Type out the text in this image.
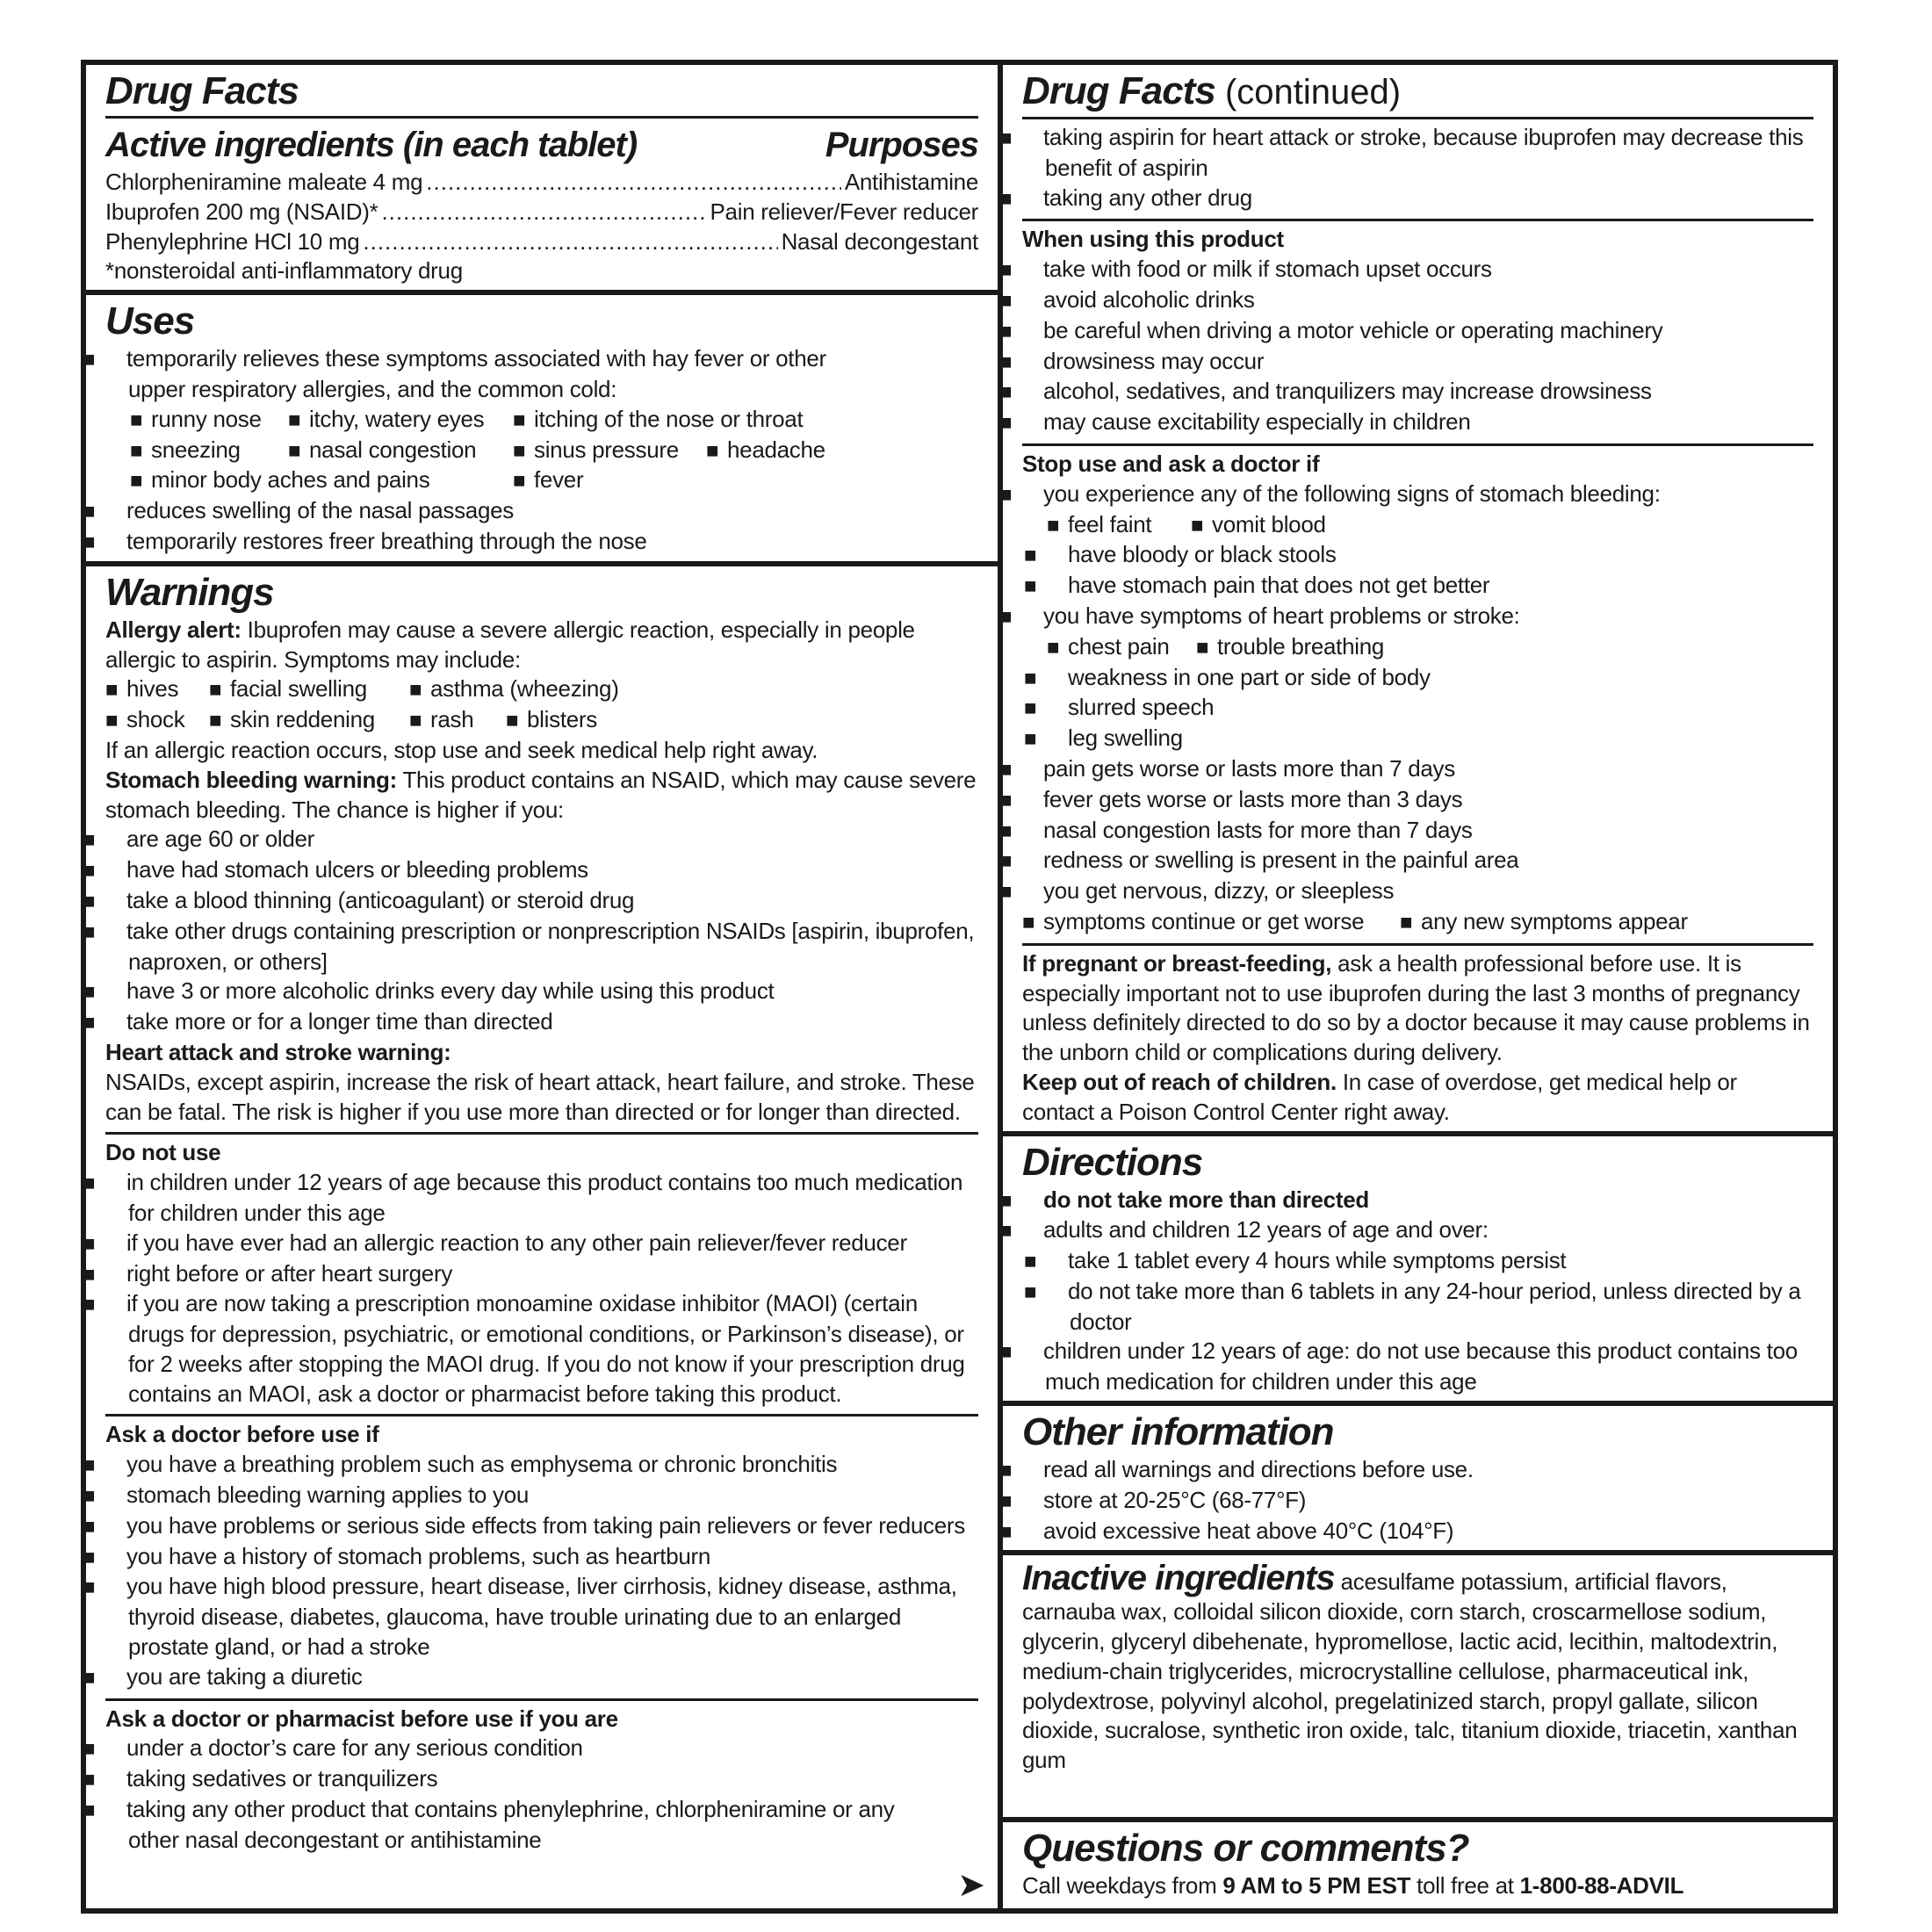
Drug Facts
Active ingredients (in each tablet)	Purposes
Chlorpheniramine maleate 4 mg .....	Antihistamine
Ibuprofen 200 mg (NSAID)* .....	Pain reliever/Fever reducer
Phenylephrine HCl 10 mg .....	Nasal decongestant
*nonsteroidal anti-inflammatory drug
Uses
■ temporarily relieves these symptoms associated with hay fever or other
upper respiratory allergies, and the common cold:
■ runny nose	■ itchy, watery eyes	■ itching of the nose or throat
■ sneezing	■ nasal congestion	■ sinus pressure	■ headache
■ minor body aches and pains	■ fever
■ reduces swelling of the nasal passages
■ temporarily restores freer breathing through the nose
Warnings
Allergy alert: Ibuprofen may cause a severe allergic reaction, especially in people allergic to aspirin. Symptoms may include:
■ hives	■ facial swelling	■ asthma (wheezing)
■ shock	■ skin reddening	■ rash	■ blisters
If an allergic reaction occurs, stop use and seek medical help right away.
Stomach bleeding warning: This product contains an NSAID, which may cause severe stomach bleeding. The chance is higher if you:
■ are age 60 or older
■ have had stomach ulcers or bleeding problems
■ take a blood thinning (anticoagulant) or steroid drug
■ take other drugs containing prescription or nonprescription NSAIDs [aspirin, ibuprofen, naproxen, or others]
■ have 3 or more alcoholic drinks every day while using this product
■ take more or for a longer time than directed
Heart attack and stroke warning:
NSAIDs, except aspirin, increase the risk of heart attack, heart failure, and stroke. These can be fatal. The risk is higher if you use more than directed or for longer than directed.
Do not use
■ in children under 12 years of age because this product contains too much medication for children under this age
■ if you have ever had an allergic reaction to any other pain reliever/fever reducer
■ right before or after heart surgery
■ if you are now taking a prescription monoamine oxidase inhibitor (MAOI) (certain drugs for depression, psychiatric, or emotional conditions, or Parkinson’s disease), or for 2 weeks after stopping the MAOI drug. If you do not know if your prescription drug contains an MAOI, ask a doctor or pharmacist before taking this product.
Ask a doctor before use if
■ you have a breathing problem such as emphysema or chronic bronchitis
■ stomach bleeding warning applies to you
■ you have problems or serious side effects from taking pain relievers or fever reducers
■ you have a history of stomach problems, such as heartburn
■ you have high blood pressure, heart disease, liver cirrhosis, kidney disease, asthma, thyroid disease, diabetes, glaucoma, have trouble urinating due to an enlarged prostate gland, or had a stroke
■ you are taking a diuretic
Ask a doctor or pharmacist before use if you are
■ under a doctor’s care for any serious condition
■ taking sedatives or tranquilizers
■ taking any other product that contains phenylephrine, chlorpheniramine or any other nasal decongestant or antihistamine
➤
Drug Facts (continued)
■ taking aspirin for heart attack or stroke, because ibuprofen may decrease this benefit of aspirin
■ taking any other drug
When using this product
■ take with food or milk if stomach upset occurs
■ avoid alcoholic drinks
■ be careful when driving a motor vehicle or operating machinery
■ drowsiness may occur
■ alcohol, sedatives, and tranquilizers may increase drowsiness
■ may cause excitability especially in children
Stop use and ask a doctor if
■ you experience any of the following signs of stomach bleeding:
■ feel faint	■ vomit blood
■ have bloody or black stools
■ have stomach pain that does not get better
■ you have symptoms of heart problems or stroke:
■ chest pain	■ trouble breathing
■ weakness in one part or side of body
■ slurred speech
■ leg swelling
■ pain gets worse or lasts more than 7 days
■ fever gets worse or lasts more than 3 days
■ nasal congestion lasts for more than 7 days
■ redness or swelling is present in the painful area
■ you get nervous, dizzy, or sleepless
■ symptoms continue or get worse	■ any new symptoms appear
If pregnant or breast-feeding, ask a health professional before use. It is especially important not to use ibuprofen during the last 3 months of pregnancy unless definitely directed to do so by a doctor because it may cause problems in the unborn child or complications during delivery.
Keep out of reach of children. In case of overdose, get medical help or contact a Poison Control Center right away.
Directions
■ do not take more than directed
■ adults and children 12 years of age and over:
■ take 1 tablet every 4 hours while symptoms persist
■ do not take more than 6 tablets in any 24-hour period, unless directed by a doctor
■ children under 12 years of age: do not use because this product contains too much medication for children under this age
Other information
■ read all warnings and directions before use.
■ store at 20-25°C (68-77°F)
■ avoid excessive heat above 40°C (104°F)
Inactive ingredients acesulfame potassium, artificial flavors, carnauba wax, colloidal silicon dioxide, corn starch, croscarmellose sodium, glycerin, glyceryl dibehenate, hypromellose, lactic acid, lecithin, maltodextrin, medium-chain triglycerides, microcrystalline cellulose, pharmaceutical ink, polydextrose, polyvinyl alcohol, pregelatinized starch, propyl gallate, silicon dioxide, sucralose, synthetic iron oxide, talc, titanium dioxide, triacetin, xanthan gum
Questions or comments?
Call weekdays from 9 AM to 5 PM EST toll free at 1-800-88-ADVIL
